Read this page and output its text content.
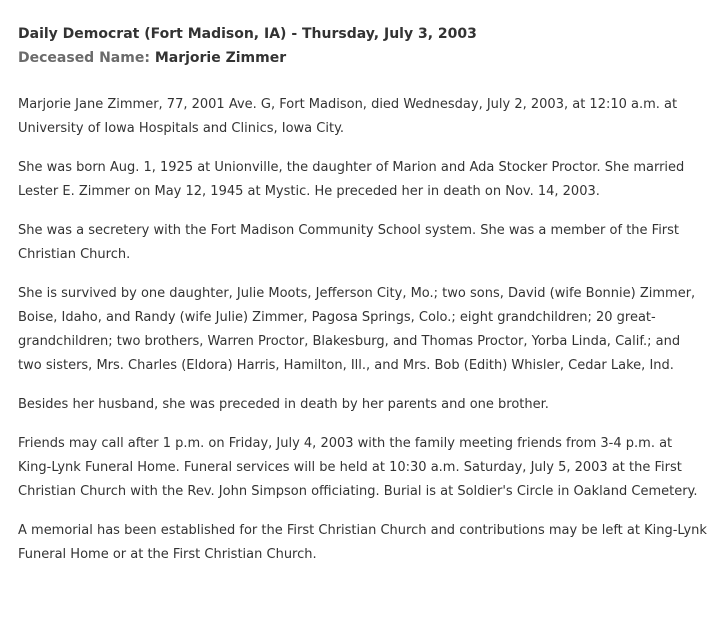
Daily Democrat (Fort Madison, IA) - Thursday, July 3, 2003
Deceased Name: Marjorie Zimmer

Marjorie Jane Zimmer, 77, 2001 Ave. G, Fort Madison, died Wednesday, July 2, 2003, at 12:10 a.m. at University of Iowa Hospitals and Clinics, Iowa City.

She was born Aug. 1, 1925 at Unionville, the daughter of Marion and Ada Stocker Proctor. She married Lester E. Zimmer on May 12, 1945 at Mystic. He preceded her in death on Nov. 14, 2003.

She was a secretery with the Fort Madison Community School system. She was a member of the First Christian Church.

She is survived by one daughter, Julie Moots, Jefferson City, Mo.; two sons, David (wife Bonnie) Zimmer, Boise, Idaho, and Randy (wife Julie) Zimmer, Pagosa Springs, Colo.; eight grandchildren; 20 great-grandchildren; two brothers, Warren Proctor, Blakesburg, and Thomas Proctor, Yorba Linda, Calif.; and two sisters, Mrs. Charles (Eldora) Harris, Hamilton, Ill., and Mrs. Bob (Edith) Whisler, Cedar Lake, Ind.

Besides her husband, she was preceded in death by her parents and one brother.

Friends may call after 1 p.m. on Friday, July 4, 2003 with the family meeting friends from 3-4 p.m. at King-Lynk Funeral Home. Funeral services will be held at 10:30 a.m. Saturday, July 5, 2003 at the First Christian Church with the Rev. John Simpson officiating. Burial is at Soldier's Circle in Oakland Cemetery.

A memorial has been established for the First Christian Church and contributions may be left at King-Lynk Funeral Home or at the First Christian Church.
